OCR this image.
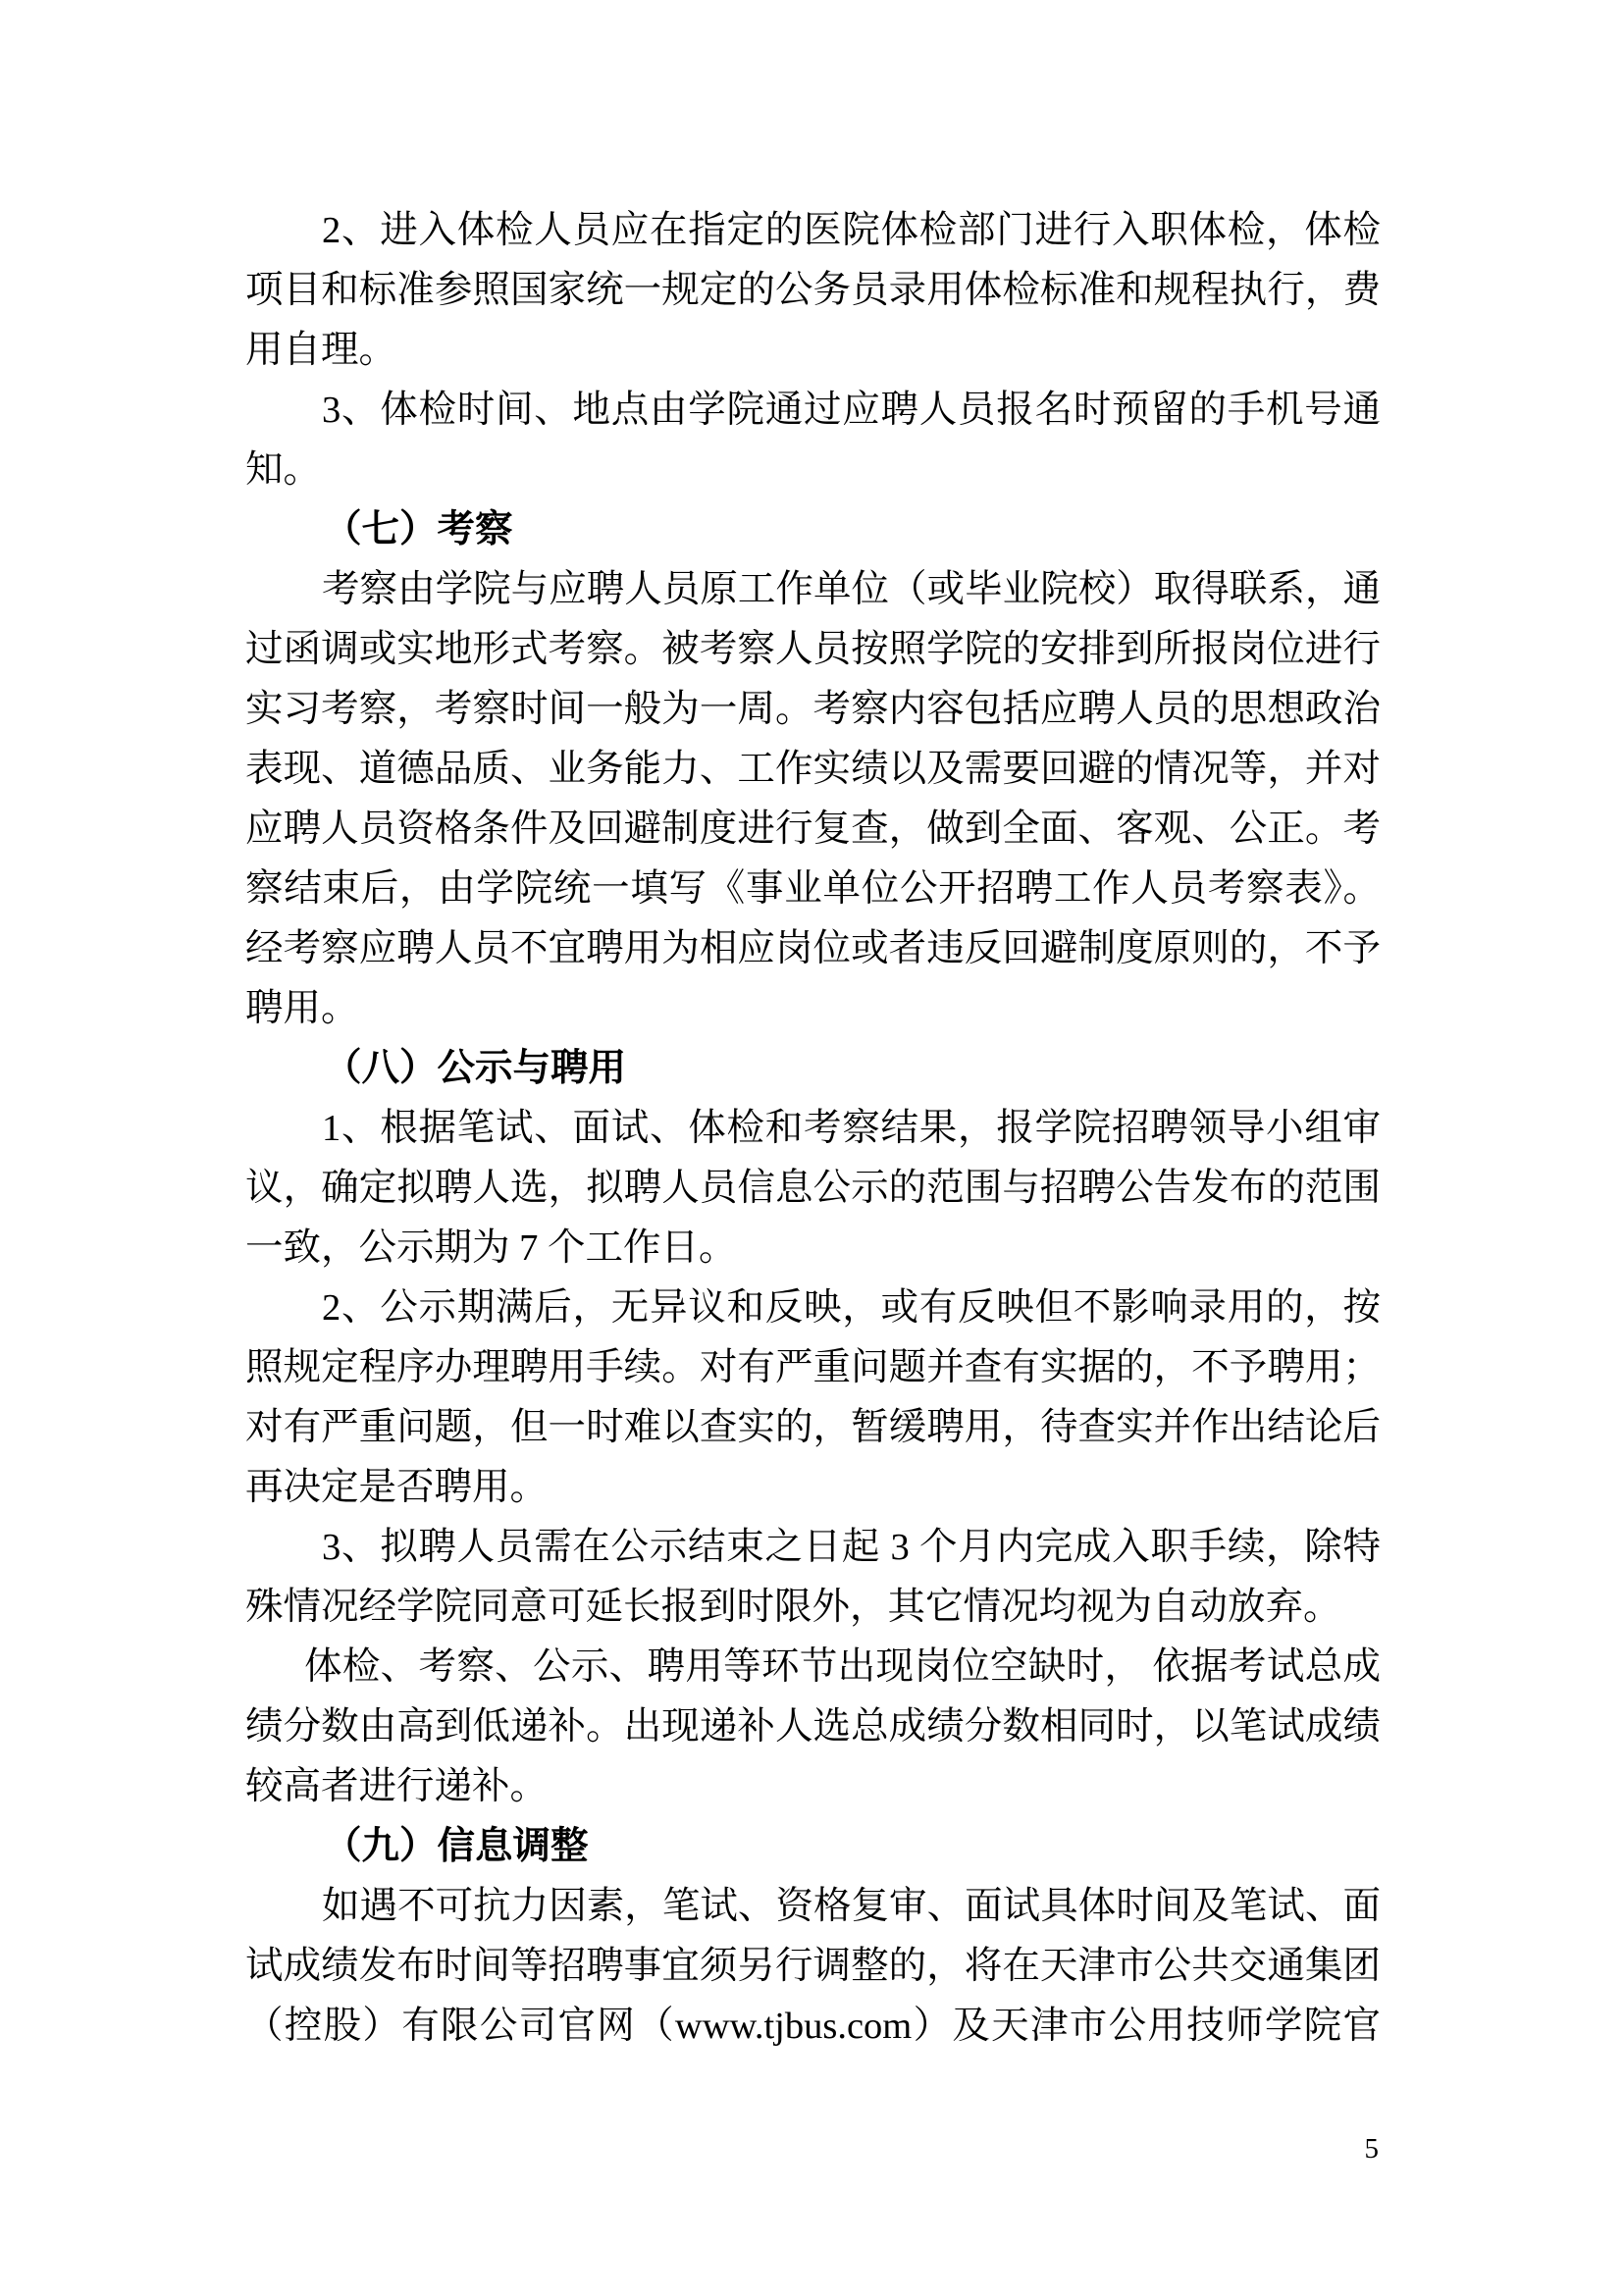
2、进入体检人员应在指定的医院体检部门进行入职体检，体检
项目和标准参照国家统一规定的公务员录用体检标准和规程执行，费
用自理。
3、体检时间、地点由学院通过应聘人员报名时预留的手机号通
知。
（七）考察
考察由学院与应聘人员原工作单位（或毕业院校）取得联系，通
过函调或实地形式考察。被考察人员按照学院的安排到所报岗位进行
实习考察，考察时间一般为一周。考察内容包括应聘人员的思想政治
表现、道德品质、业务能力、工作实绩以及需要回避的情况等，并对
应聘人员资格条件及回避制度进行复查，做到全面、客观、公正。考
察结束后，由学院统一填写《事业单位公开招聘工作人员考察表》。
经考察应聘人员不宜聘用为相应岗位或者违反回避制度原则的，不予
聘用。
（八）公示与聘用
1、根据笔试、面试、体检和考察结果，报学院招聘领导小组审
议，确定拟聘人选，拟聘人员信息公示的范围与招聘公告发布的范围
一致，公示期为 7 个工作日。
2、公示期满后，无异议和反映，或有反映但不影响录用的，按
照规定程序办理聘用手续。对有严重问题并查有实据的，不予聘用；
对有严重问题，但一时难以查实的，暂缓聘用，待查实并作出结论后
再决定是否聘用。
3、拟聘人员需在公示结束之日起 3 个月内完成入职手续，除特
殊情况经学院同意可延长报到时限外，其它情况均视为自动放弃。
体检、考察、公示、聘用等环节出现岗位空缺时， 依据考试总成
绩分数由高到低递补。出现递补人选总成绩分数相同时，以笔试成绩
较高者进行递补。
（九）信息调整
如遇不可抗力因素，笔试、资格复审、面试具体时间及笔试、面
试成绩发布时间等招聘事宜须另行调整的，将在天津市公共交通集团
（控股）有限公司官网（www.tjbus.com）及天津市公用技师学院官
5
